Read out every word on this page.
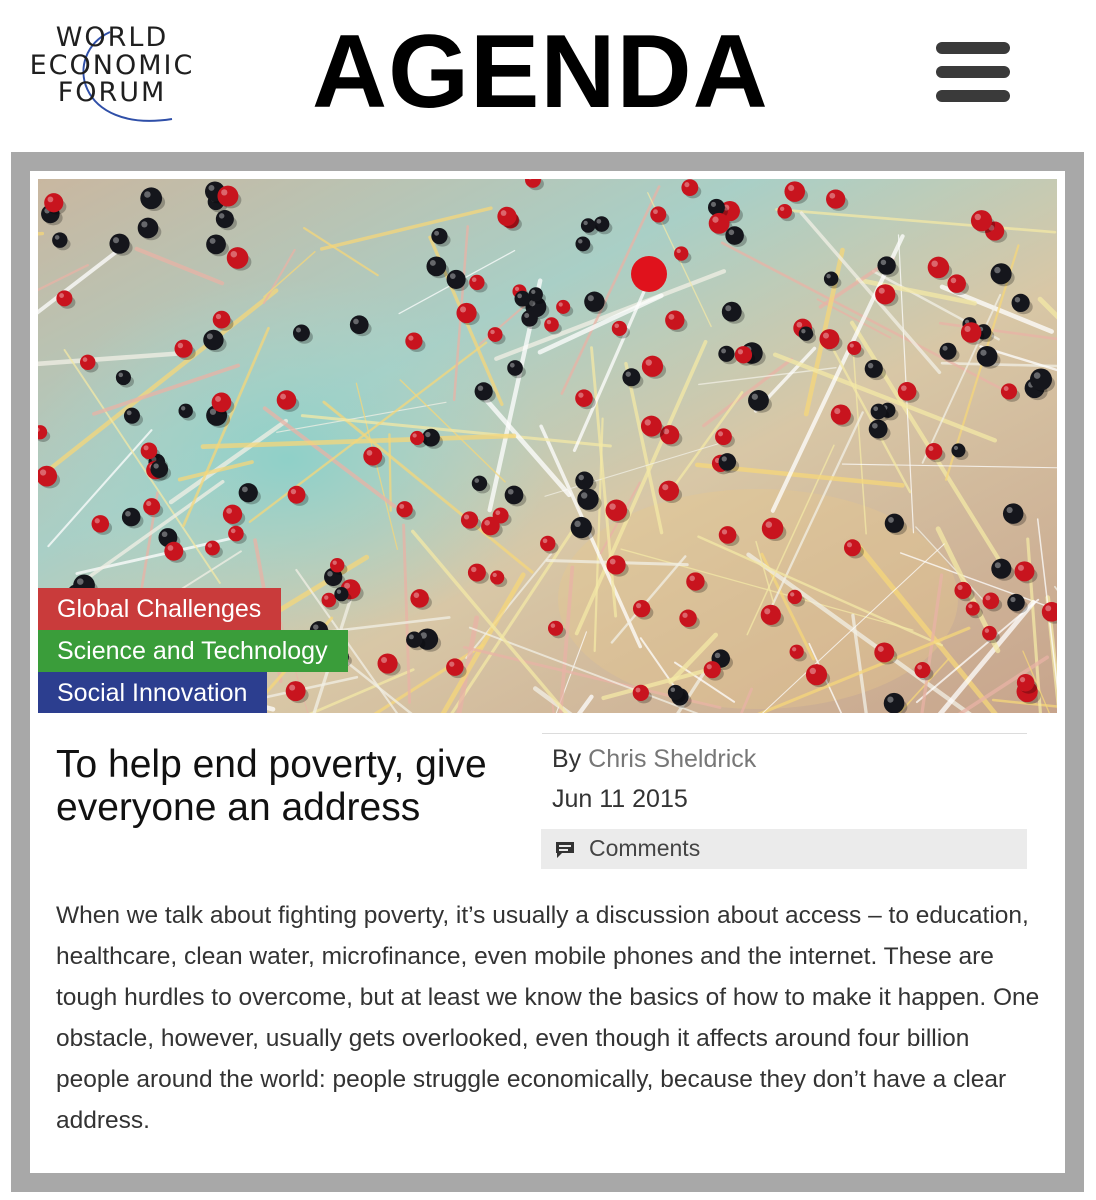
WORLD
ECONOMIC
FORUM	AGENDA
Global Challenges
Science and Technology
Social Innovation
To help end poverty, give everyone an address
By Chris Sheldrick
Jun 11 2015
Comments

When we talk about fighting poverty, it’s usually a discussion about access – to education, healthcare, clean water, microfinance, even mobile phones and the internet. These are tough hurdles to overcome, but at least we know the basics of how to make it happen. One obstacle, however, usually gets overlooked, even though it affects around four billion people around the world: people struggle economically, because they don’t have a clear address.
